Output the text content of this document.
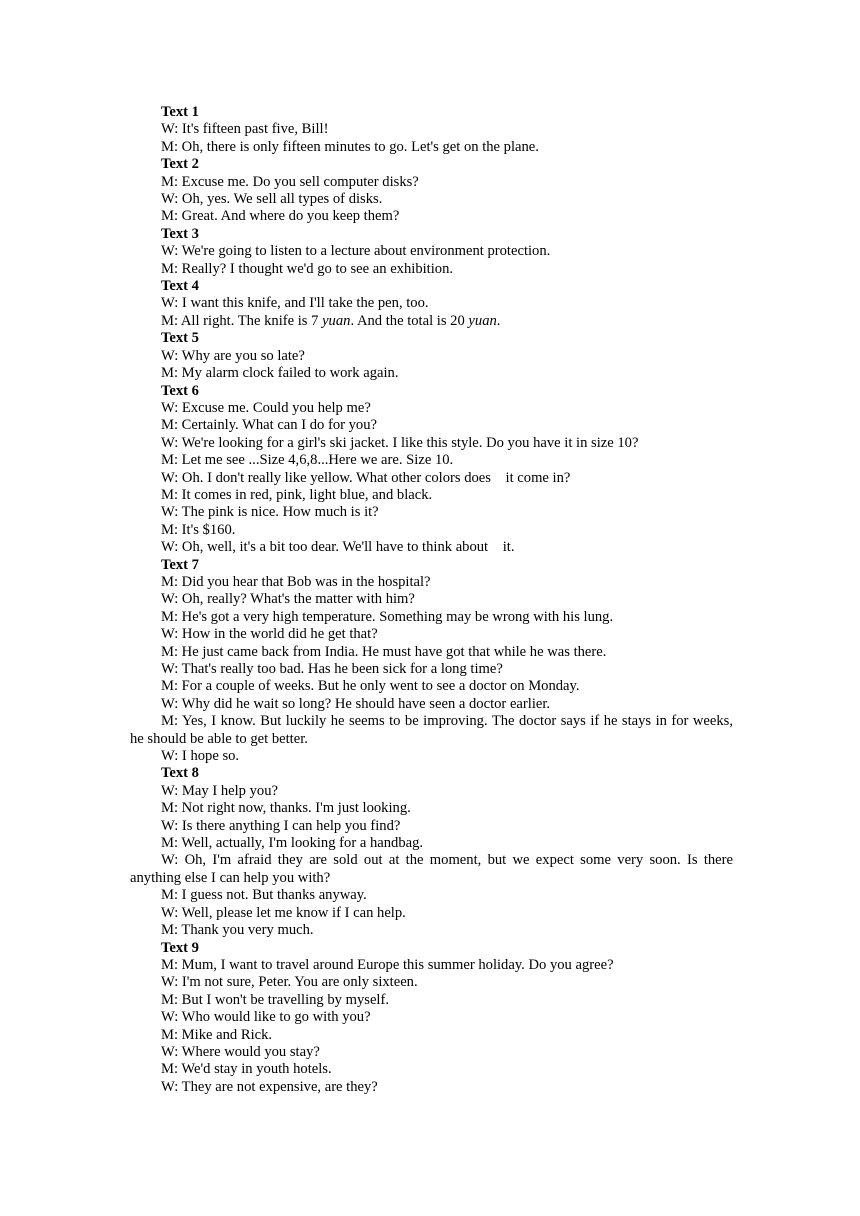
Text 1

W: It's fifteen past five, Bill!

M: Oh, there is only fifteen minutes to go. Let's get on the plane.

Text 2

M: Excuse me. Do you sell computer disks?

W: Oh, yes. We sell all types of disks.

M: Great. And where do you keep them?

Text 3

W: We're going to listen to a lecture about environment protection.

M: Really? I thought we'd go to see an exhibition.

Text 4

W: I want this knife, and I'll take the pen, too.

M: All right. The knife is 7 yuan. And the total is 20 yuan.

Text 5

W: Why are you so late?

M: My alarm clock failed to work again.

Text 6

W: Excuse me. Could you help me?

M: Certainly. What can I do for you?

W: We're looking for a girl's ski jacket. I like this style. Do you have it in size 10?

M: Let me see ...Size 4,6,8...Here we are. Size 10.

W: Oh. I don't really like yellow. What other colors does    it come in?

M: It comes in red, pink, light blue, and black.

W: The pink is nice. How much is it?

M: It's $160.

W: Oh, well, it's a bit too dear. We'll have to think about    it.

Text 7

M: Did you hear that Bob was in the hospital?

W: Oh, really? What's the matter with him?

M: He's got a very high temperature. Something may be wrong with his lung.

W: How in the world did he get that?

M: He just came back from India. He must have got that while he was there.

W: That's really too bad. Has he been sick for a long time?

M: For a couple of weeks. But he only went to see a doctor on Monday.

W: Why did he wait so long? He should have seen a doctor earlier.

M: Yes, I know. But luckily he seems to be improving. The doctor says if he stays in for weeks, he should be able to get better.

W: I hope so.

Text 8

W: May I help you?

M: Not right now, thanks. I'm just looking.

W: Is there anything I can help you find?

M: Well, actually, I'm looking for a handbag.

W: Oh, I'm afraid they are sold out at the moment, but we expect some very soon. Is there anything else I can help you with?

M: I guess not. But thanks anyway.

W: Well, please let me know if I can help.

M: Thank you very much.

Text 9

M: Mum, I want to travel around Europe this summer holiday. Do you agree?

W: I'm not sure, Peter. You are only sixteen.

M: But I won't be travelling by myself.

W: Who would like to go with you?

M: Mike and Rick.

W: Where would you stay?

M: We'd stay in youth hotels.

W: They are not expensive, are they?
